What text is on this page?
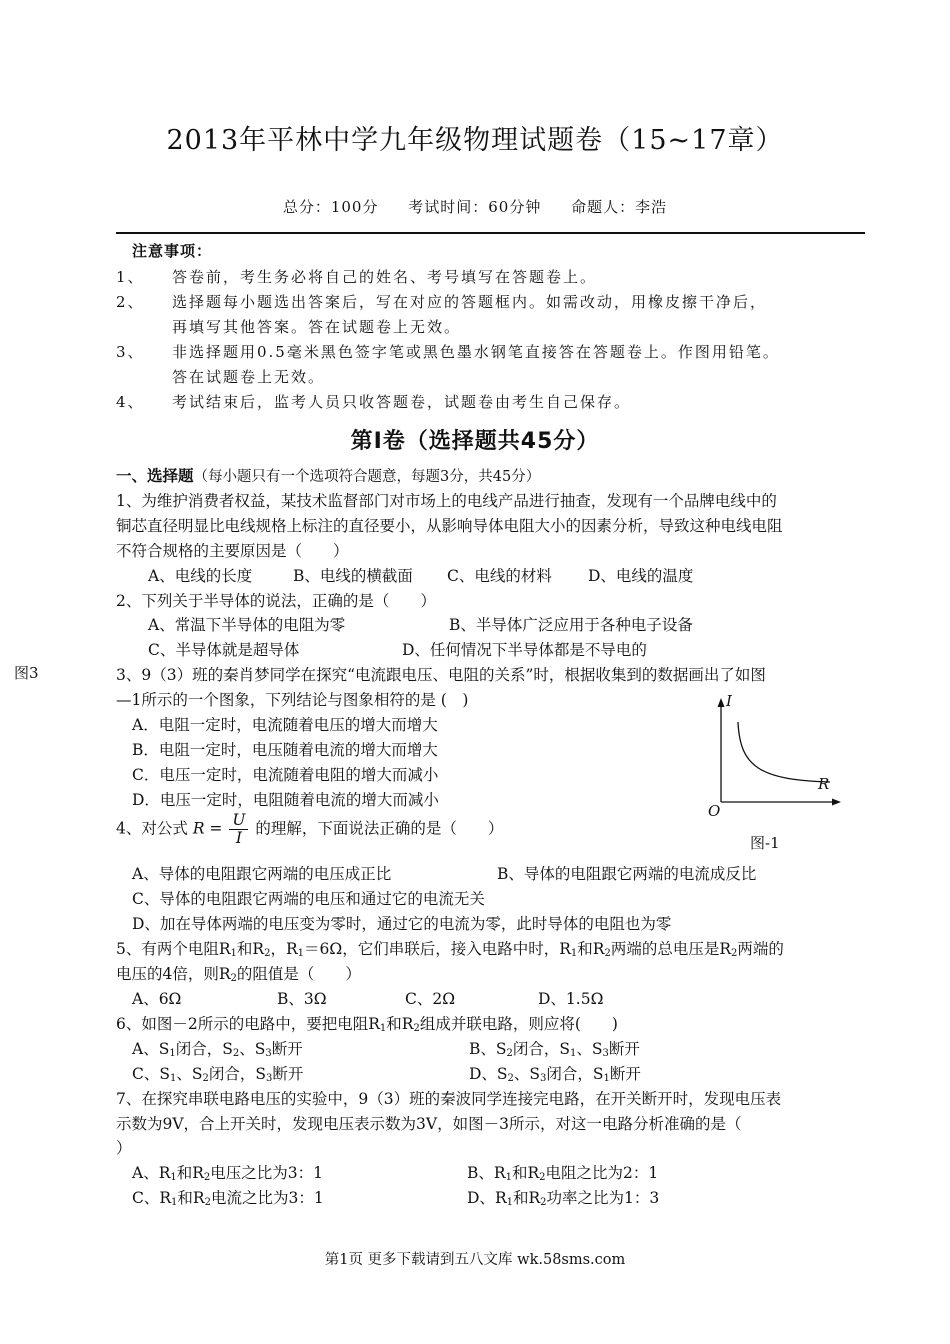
2013年平林中学九年级物理试题卷（15~17章）
总分：100分 考试时间：60分钟 命题人：李浩
注意事项：
1、 答卷前，考生务必将自己的姓名、考号填写在答题卷上。
2、 选择题每小题选出答案后，写在对应的答题框内。如需改动，用橡皮擦干净后，
再填写其他答案。答在试题卷上无效。
3、 非选择题用0.5毫米黑色签字笔或黑色墨水钢笔直接答在答题卷上。作图用铅笔。
答在试题卷上无效。
4、 考试结束后，监考人员只收答题卷，试题卷由考生自己保存。
第Ⅰ卷（选择题共45分）
一、选择题（每小题只有一个选项符合题意，每题3分，共45分）
图3
1、为维护消费者权益，某技术监督部门对市场上的电线产品进行抽查，发现有一个品牌电线中的
铜芯直径明显比电线规格上标注的直径要小，从影响导体电阻大小的因素分析，导致这种电线电阻
不符合规格的主要原因是（　　）
A、电线的长度	B、电线的横截面 C、电线的材料 D、电线的温度
2、下列关于半导体的说法，正确的是（　　）
A、常温下半导体的电阻为零	B、半导体广泛应用于各种电子设备
C、半导体就是超导体	D、任何情况下半导体都是不导电的
3、9（3）班的秦肖梦同学在探究“电流跟电压、电阻的关系”时，根据收集到的数据画出了如图
—1所示的一个图象，下列结论与图象相符的是 (　)
A．电阻一定时，电流随着电压的增大而增大
B．电阻一定时，电压随着电流的增大而增大
C．电压一定时，电流随着电阻的增大而减小
D．电压一定时，电阻随着电流的增大而减小
I
R
O
图-1
4、对公式 $R = \frac{U}{I}$ 的理解，下面说法正确的是（　　）
A、导体的电阻跟它两端的电压成正比	B、导体的电阻跟它两端的电流成反比
C、导体的电阻跟它两端的电压和通过它的电流无关
D、加在导体两端的电压变为零时，通过它的电流为零，此时导体的电阻也为零
5、有两个电阻$R_1$和$R_2$，$R_1=6\Omega$，它们串联后，接入电路中时，$R_1$和$R_2$两端的总电压是$R_2$两端的
电压的4倍，则$R_2$的阻值是（　　）
A、6Ω	B、3Ω	C、2Ω	D、1.5Ω
6、如图－2所示的电路中，要把电阻$R_1$和$R_2$组成并联电路，则应将(　　)
A、$S_1$闭合，$S_2$、$S_3$断开	B、$S_2$闭合，$S_1$、$S_3$断开
C、$S_1$、$S_2$闭合，$S_3$断开	D、$S_2$、$S_3$闭合，$S_1$断开
7、在探究串联电路电压的实验中，9（3）班的秦波同学连接完电路，在开关断开时，发现电压表
示数为9V，合上开关时，发现电压表示数为3V，如图－3所示，对这一电路分析准确的是（
）
A、$R_1$和$R_2$电压之比为3：1	B、$R_1$和$R_2$电阻之比为2：1
C、$R_1$和$R_2$电流之比为3：1	D、$R_1$和$R_2$功率之比为1：3
第1页 更多下载请到五八文库 wk.58sms.com
